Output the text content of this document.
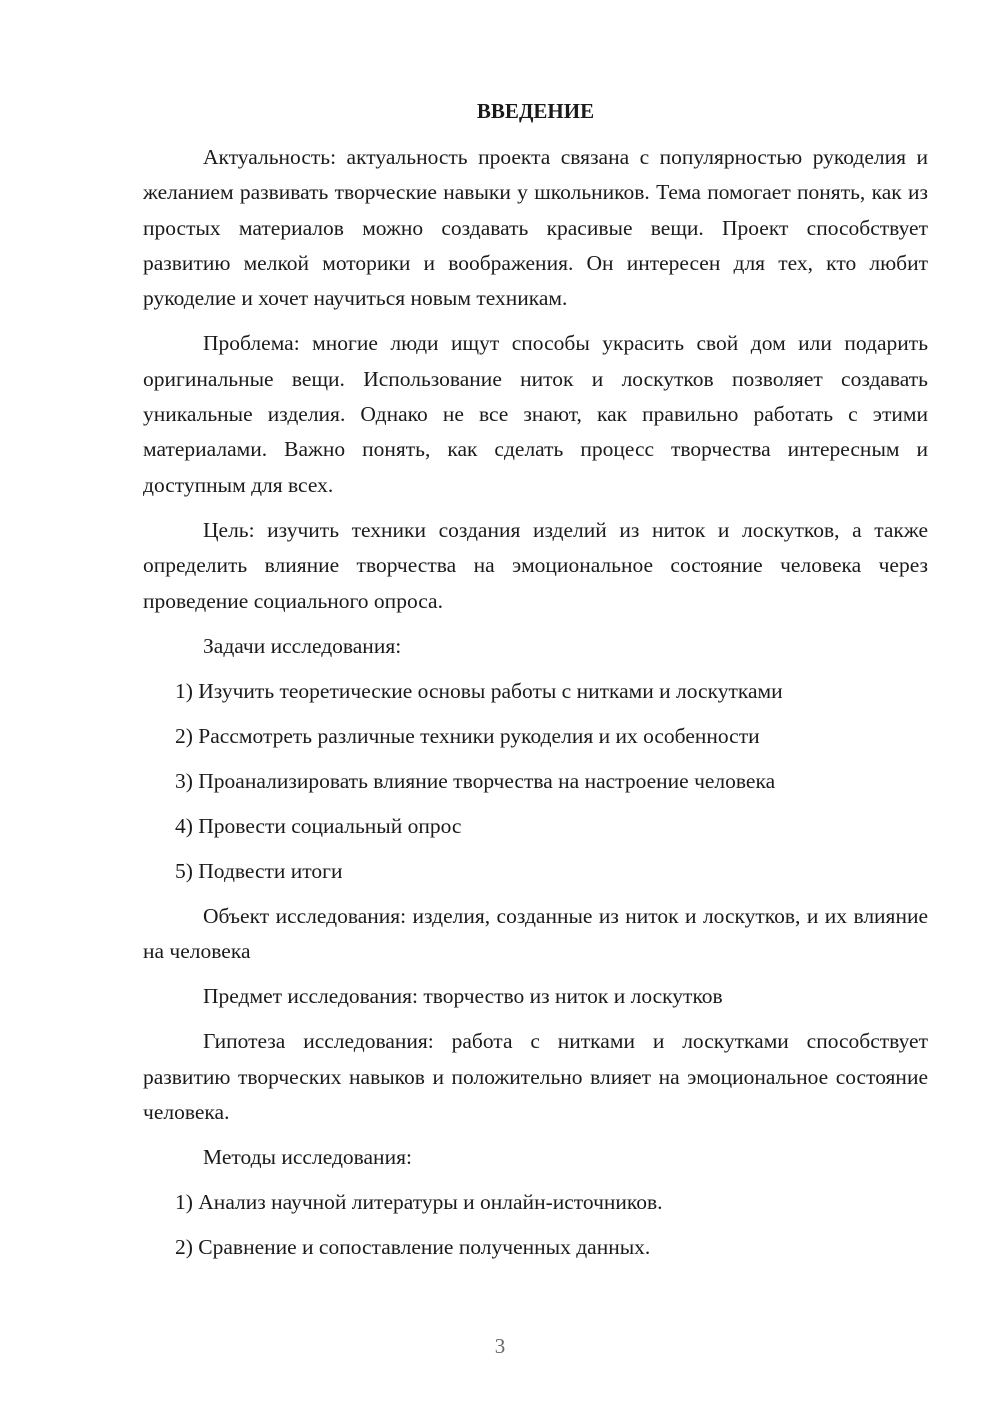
ВВЕДЕНИЕ

Актуальность: актуальность проекта связана с популярностью рукоделия и желанием развивать творческие навыки у школьников. Тема помогает понять, как из простых материалов можно создавать красивые вещи. Проект способствует развитию мелкой моторики и воображения. Он интересен для тех, кто любит рукоделие и хочет научиться новым техникам.

Проблема: многие люди ищут способы украсить свой дом или подарить оригинальные вещи. Использование ниток и лоскутков позволяет создавать уникальные изделия. Однако не все знают, как правильно работать с этими материалами. Важно понять, как сделать процесс творчества интересным и доступным для всех.

Цель: изучить техники создания изделий из ниток и лоскутков, а также определить влияние творчества на эмоциональное состояние человека через проведение социального опроса.

Задачи исследования:
1) Изучить теоретические основы работы с нитками и лоскутками
2) Рассмотреть различные техники рукоделия и их особенности
3) Проанализировать влияние творчества на настроение человека
4) Провести социальный опрос
5) Подвести итоги

Объект исследования: изделия, созданные из ниток и лоскутков, и их влияние на человека

Предмет исследования: творчество из ниток и лоскутков

Гипотеза исследования: работа с нитками и лоскутками способствует развитию творческих навыков и положительно влияет на эмоциональное состояние человека.

Методы исследования:
1) Анализ научной литературы и онлайн-источников.
2) Сравнение и сопоставление полученных данных.
3
